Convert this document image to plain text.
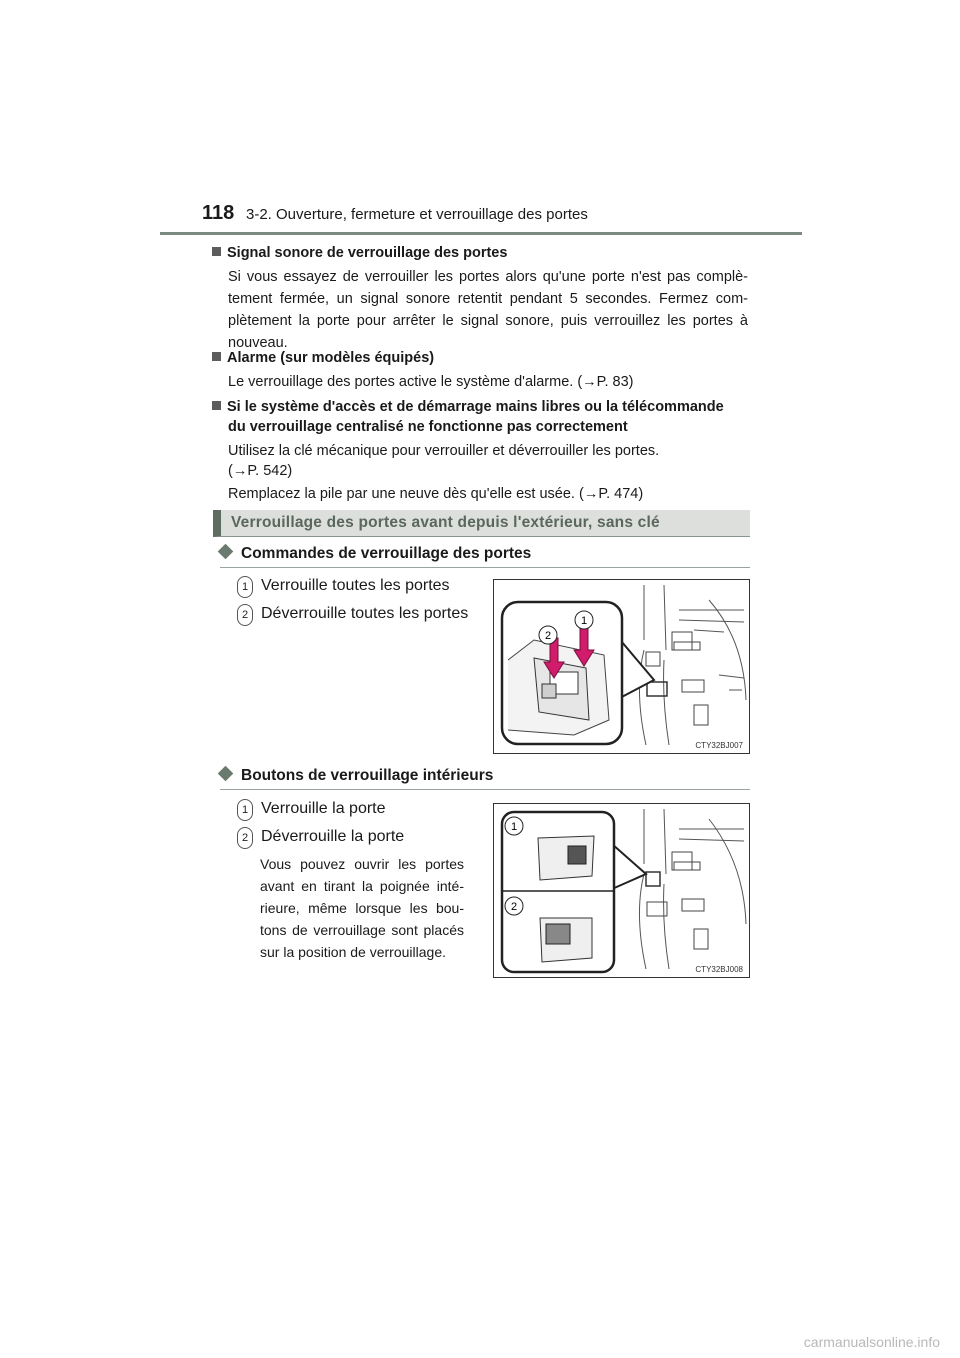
118 3-2. Ouverture, fermeture et verrouillage des portes
Signal sonore de verrouillage des portes
Si vous essayez de verrouiller les portes alors qu'une porte n'est pas complè-tement fermée, un signal sonore retentit pendant 5 secondes. Fermez com-plètement la porte pour arrêter le signal sonore, puis verrouillez les portes à nouveau.
Alarme (sur modèles équipés)
Le verrouillage des portes active le système d'alarme. (→P. 83)
Si le système d'accès et de démarrage mains libres ou la télécommande
du verrouillage centralisé ne fonctionne pas correctement
Utilisez la clé mécanique pour verrouiller et déverrouiller les portes.
(→P. 542)
Remplacez la pile par une neuve dès qu'elle est usée. (→P. 474)
Verrouillage des portes avant depuis l'extérieur, sans clé
Commandes de verrouillage des portes
1 Verrouille toutes les portes
2 Déverrouille toutes les portes
2
1
CTY32BJ007
Boutons de verrouillage intérieurs
1 Verrouille la porte
2 Déverrouille la porte
Vous pouvez ouvrir les portes avant en tirant la poignée inté-rieure, même lorsque les bou-tons de verrouillage sont placés sur la position de verrouillage.
1
2
CTY32BJ008
carmanualsonline.info
